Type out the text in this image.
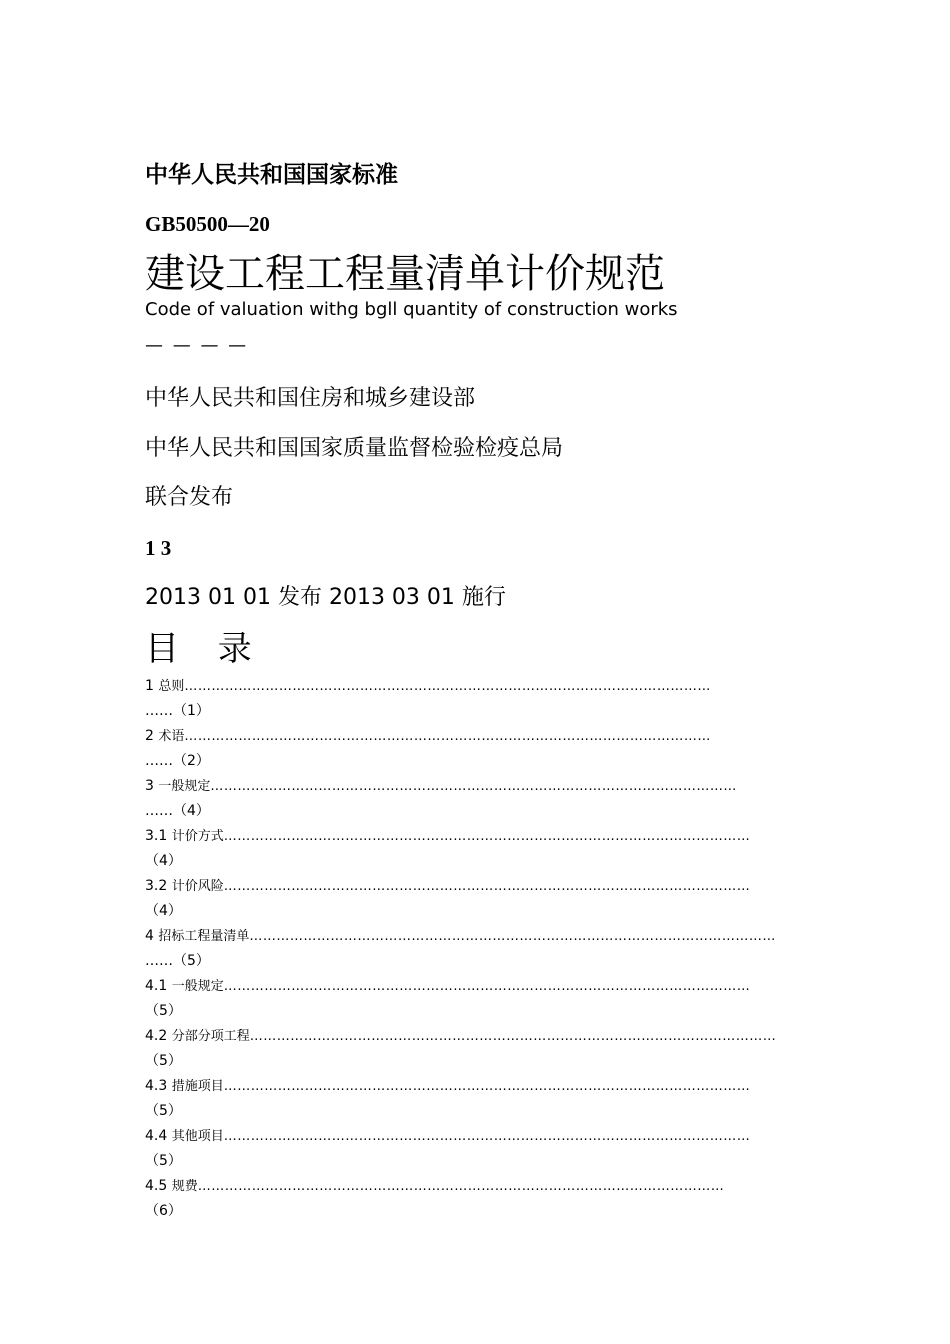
中华人民共和国国家标准
GB50500—20
建设工程工程量清单计价规范
Code of valuation withg bgll quantity of construction works
— — — —
中华人民共和国住房和城乡建设部
中华人民共和国国家质量监督检验检疫总局
联合发布
1 3
2013 01 01 发布 2013 03 01 施行
目 录
1 总则 ………………………………………………………………………………………………………
……（1）
2 术语 ………………………………………………………………………………………………………
……（2）
3 一般规定 ………………………………………………………………………………………………………
……（4）
3.1 计价方式 ………………………………………………………………………………………………………
（4）
3.2 计价风险 ………………………………………………………………………………………………………
（4）
4 招标工程量清单 ………………………………………………………………………………………………………
……（5）
4.1 一般规定 ………………………………………………………………………………………………………
（5）
4.2 分部分项工程 ………………………………………………………………………………………………………
（5）
4.3 措施项目 ………………………………………………………………………………………………………
（5）
4.4 其他项目 ………………………………………………………………………………………………………
（5）
4.5 规费 ………………………………………………………………………………………………………
（6）
